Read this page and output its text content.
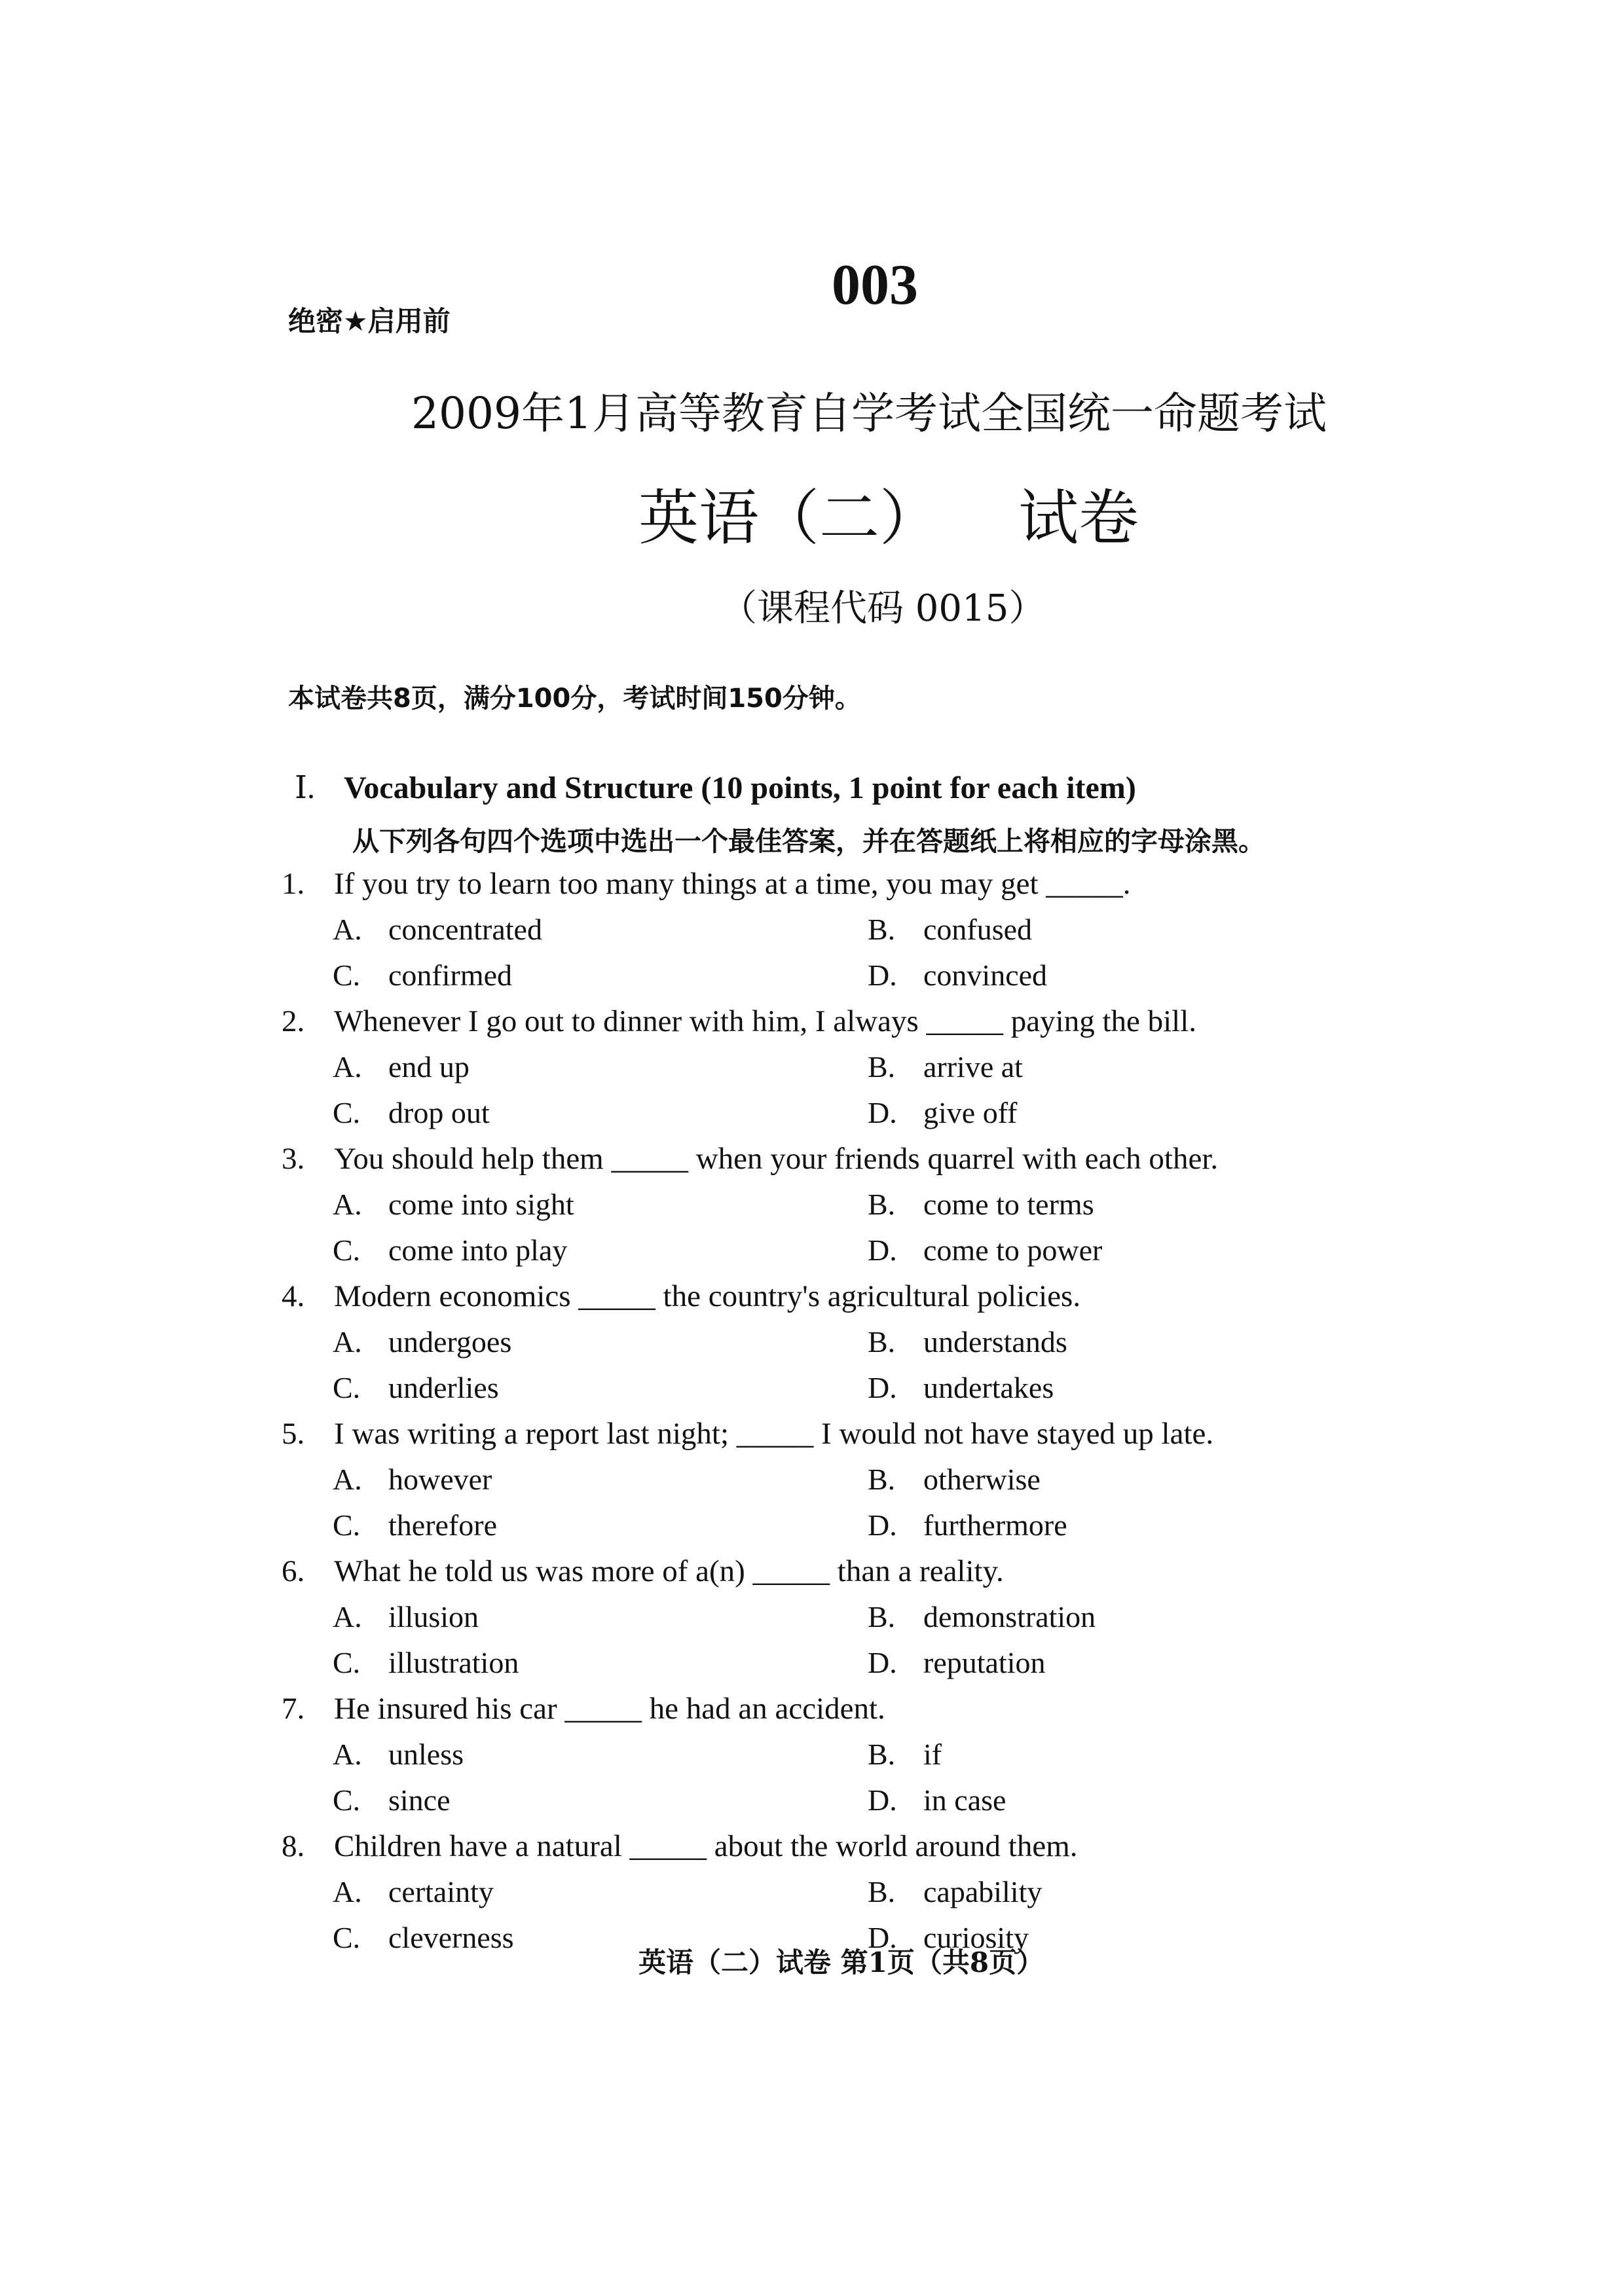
003
绝密★启用前
2009年1月高等教育自学考试全国统一命题考试
英语（二） 试卷
（课程代码 0015）
本试卷共8页，满分100分，考试时间150分钟。
Ⅰ. Vocabulary and Structure (10 points, 1 point for each item)
从下列各句四个选项中选出一个最佳答案，并在答题纸上将相应的字母涂黑。
1. If you try to learn too many things at a time, you may get _____.
A. concentrated	B. confused
C. confirmed	D. convinced
2. Whenever I go out to dinner with him, I always _____ paying the bill.
A. end up	B. arrive at
C. drop out	D. give off
3. You should help them _____ when your friends quarrel with each other.
A. come into sight	B. come to terms
C. come into play	D. come to power
4. Modern economics _____ the country's agricultural policies.
A. undergoes	B. understands
C. underlies	D. undertakes
5. I was writing a report last night; _____ I would not have stayed up late.
A. however	B. otherwise
C. therefore	D. furthermore
6. What he told us was more of a(n) _____ than a reality.
A. illusion	B. demonstration
C. illustration	D. reputation
7. He insured his car _____ he had an accident.
A. unless	B. if
C. since	D. in case
8. Children have a natural _____ about the world around them.
A. certainty	B. capability
C. cleverness	D. curiosity
英语（二）试卷 第1页（共8页）
